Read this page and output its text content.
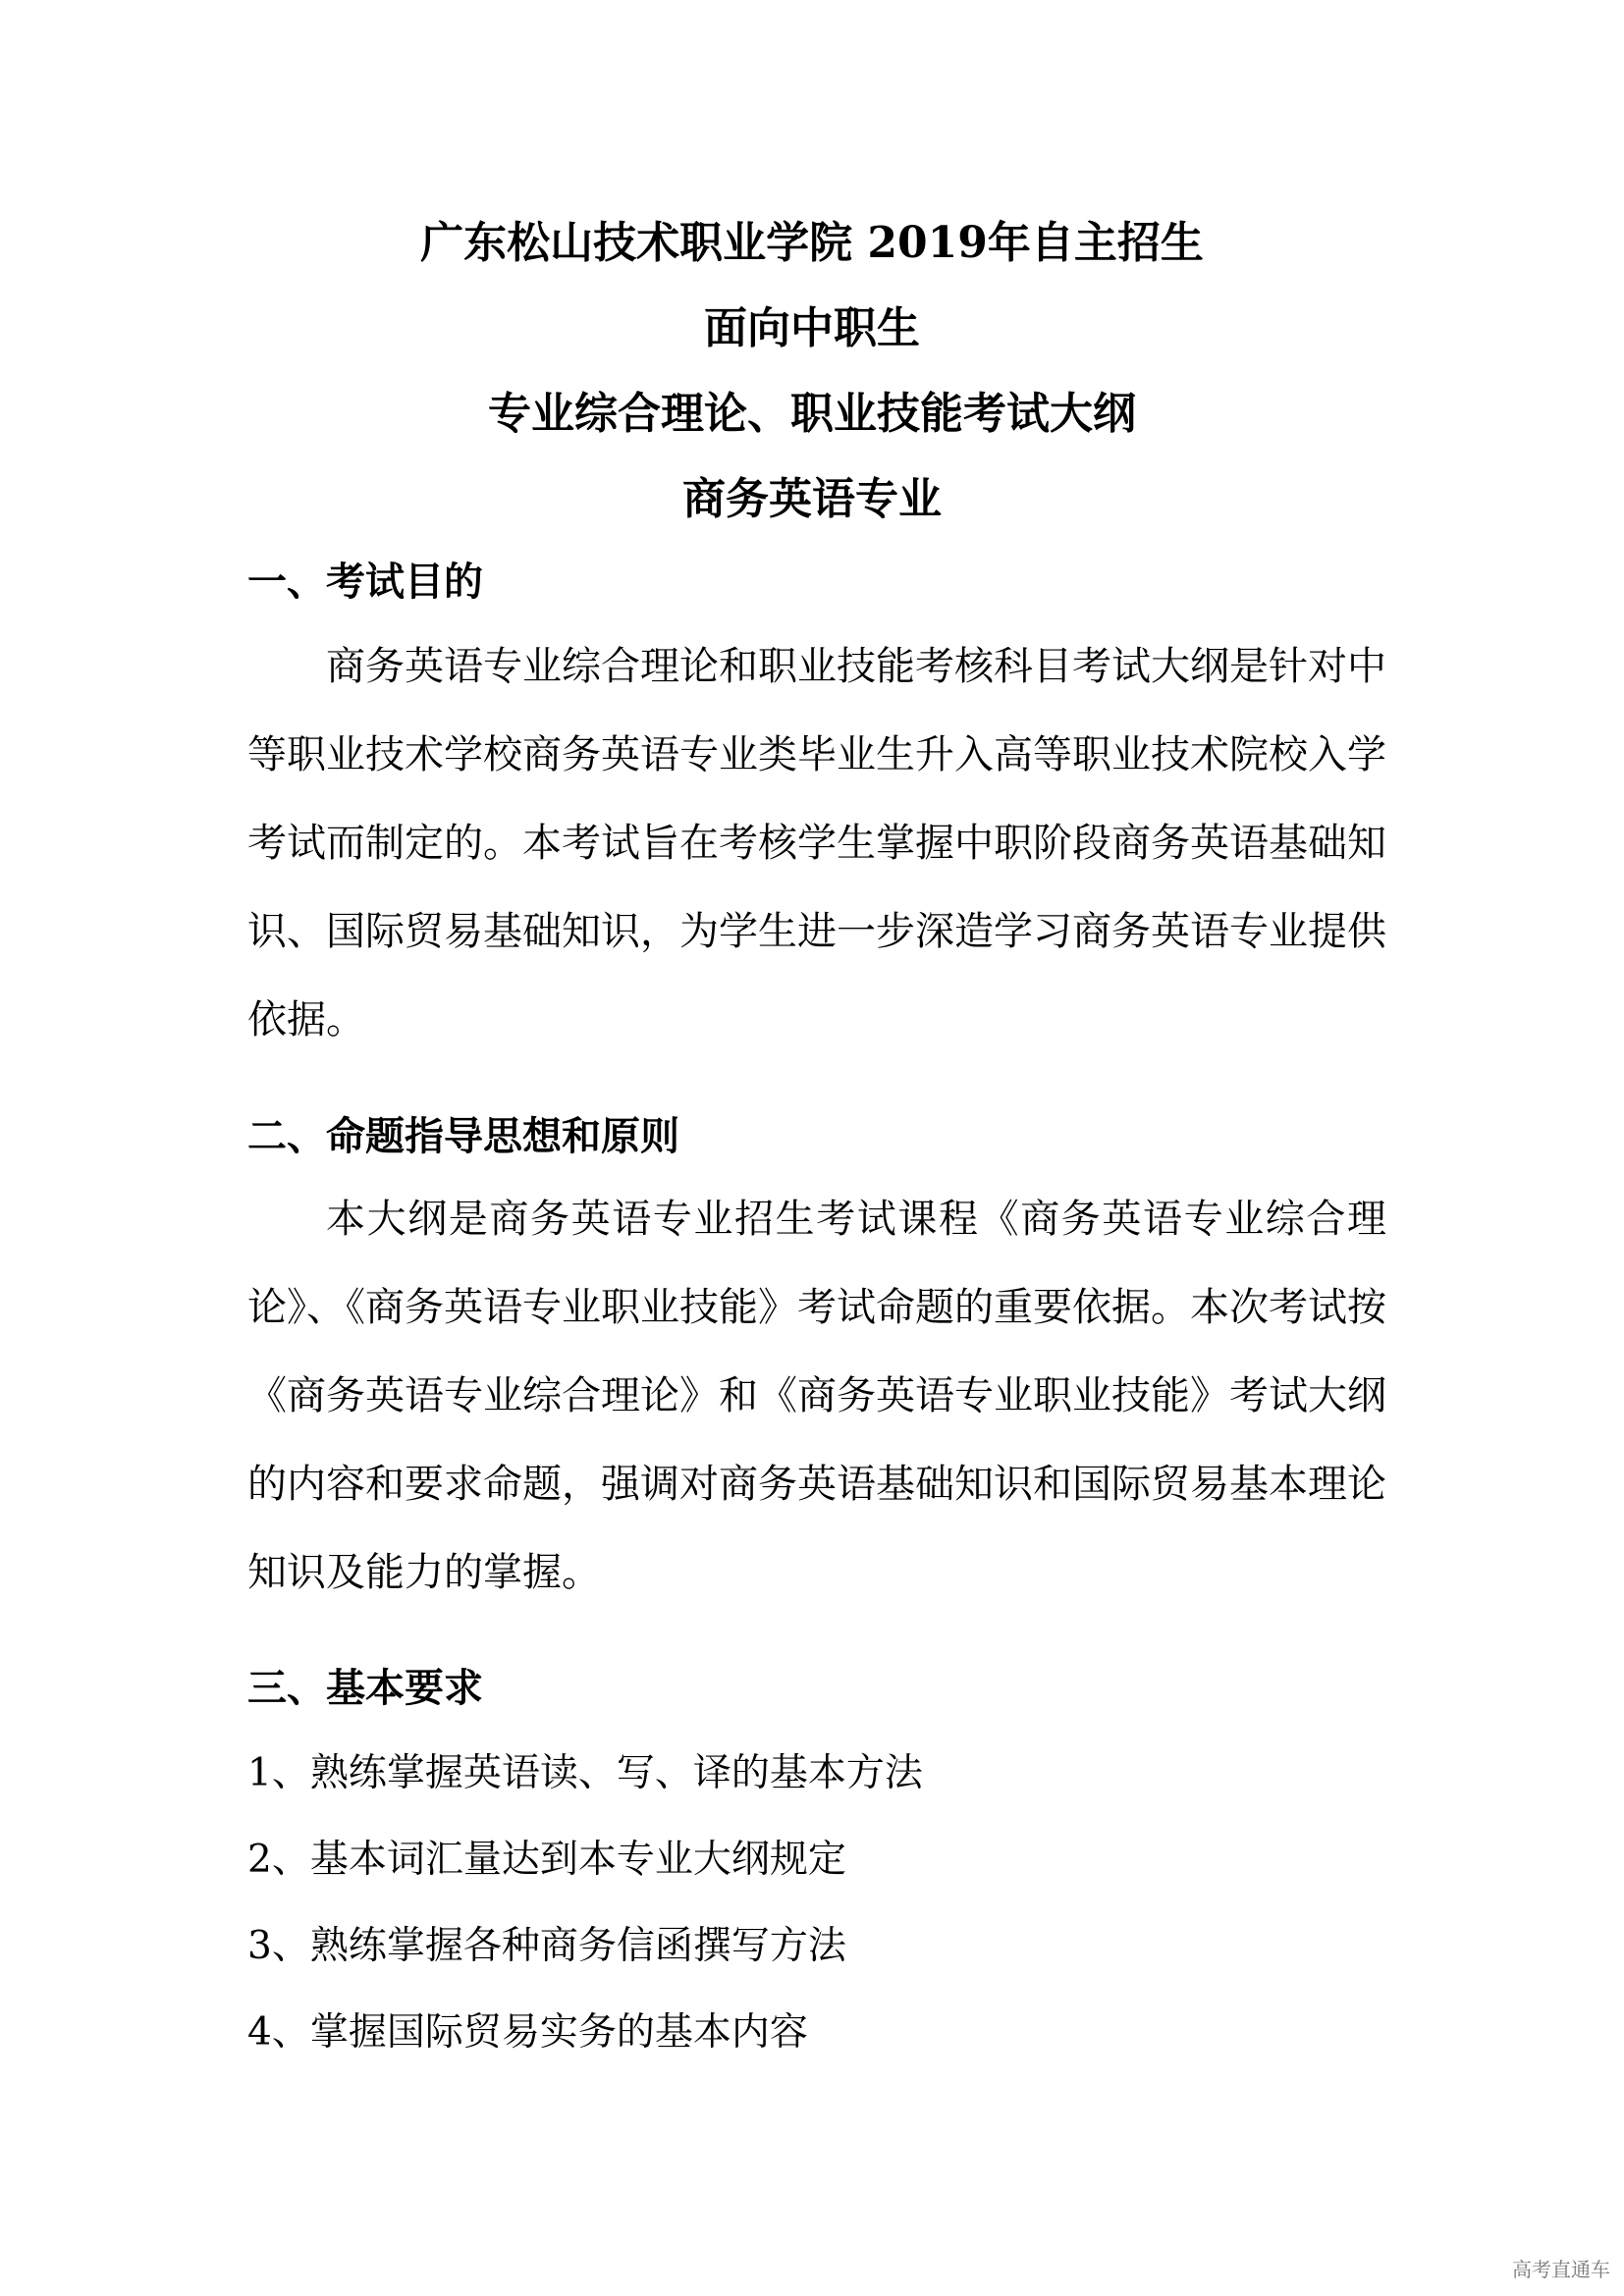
广东松山技术职业学院 2019年自主招生
面向中职生
专业综合理论、职业技能考试大纲
商务英语专业
一、考试目的

商务英语专业综合理论和职业技能考核科目考试大纲是针对中等职业技术学校商务英语专业类毕业生升入高等职业技术院校入学考试而制定的。本考试旨在考核学生掌握中职阶段商务英语基础知识、国际贸易基础知识，为学生进一步深造学习商务英语专业提供依据。

二、命题指导思想和原则

本大纲是商务英语专业招生考试课程《商务英语专业综合理论》、《商务英语专业职业技能》考试命题的重要依据。本次考试按《商务英语专业综合理论》和《商务英语专业职业技能》考试大纲的内容和要求命题，强调对商务英语基础知识和国际贸易基本理论知识及能力的掌握。

三、基本要求
1、熟练掌握英语读、写、译的基本方法
2、基本词汇量达到本专业大纲规定
3、熟练掌握各种商务信函撰写方法
4、掌握国际贸易实务的基本内容
高考直通车
